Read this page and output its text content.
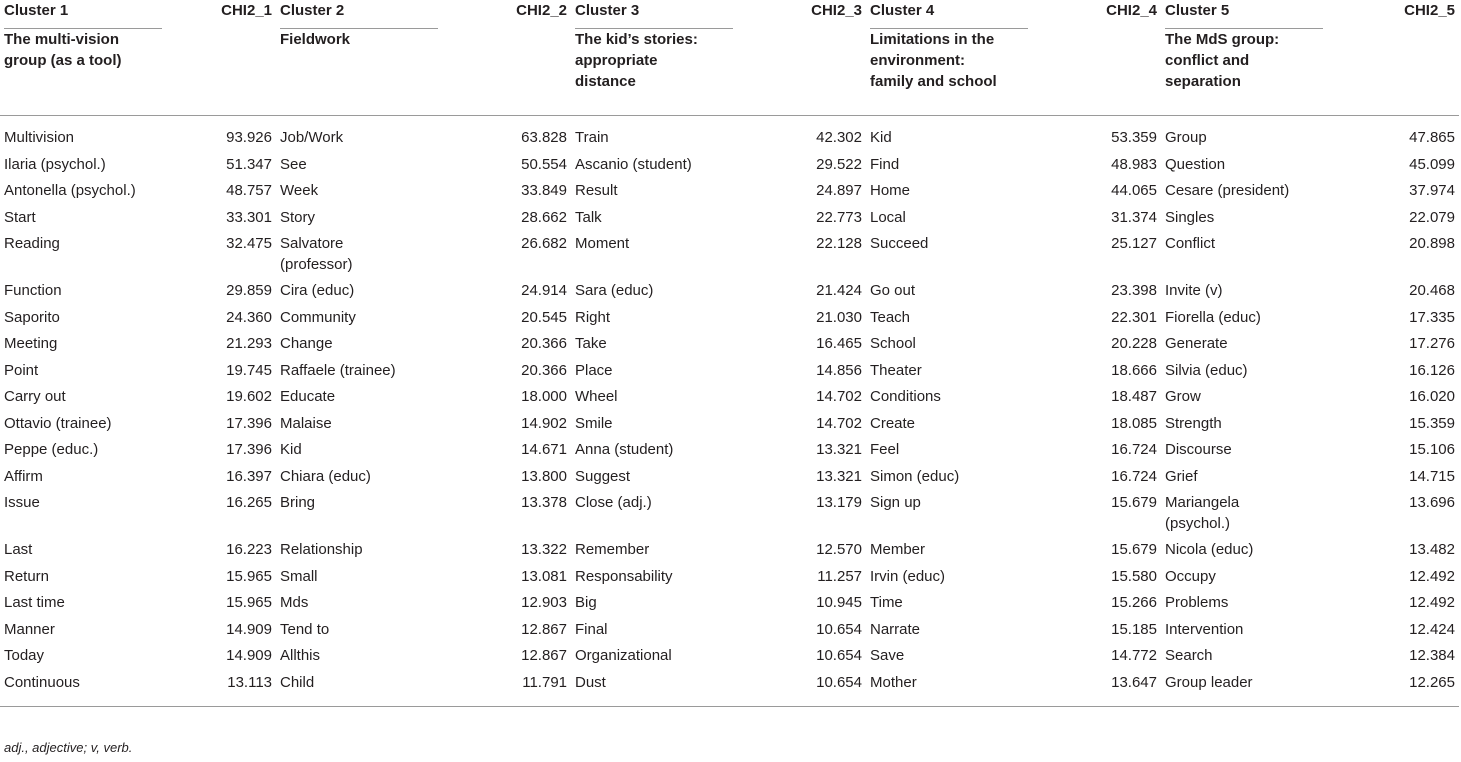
Cluster 1	CHI2_1	Cluster 2	CHI2_2	Cluster 3	CHI2_3	Cluster 4	CHI2_4	Cluster 5	CHI2_5

The multi-vision group (as a tool)		Fieldwork		The kid’s stories: appropriate distance		Limitations in the environment: family and school		The MdS group: conflict and separation	

Multivision	93.926	Job/Work	63.828	Train	42.302	Kid	53.359	Group	47.865
Ilaria (psychol.)	51.347	See	50.554	Ascanio (student)	29.522	Find	48.983	Question	45.099
Antonella (psychol.)	48.757	Week	33.849	Result	24.897	Home	44.065	Cesare (president)	37.974
Start	33.301	Story	28.662	Talk	22.773	Local	31.374	Singles	22.079
Reading	32.475	Salvatore (professor)	26.682	Moment	22.128	Succeed	25.127	Conflict	20.898
Function	29.859	Cira (educ)	24.914	Sara (educ)	21.424	Go out	23.398	Invite (v)	20.468
Saporito	24.360	Community	20.545	Right	21.030	Teach	22.301	Fiorella (educ)	17.335
Meeting	21.293	Change	20.366	Take	16.465	School	20.228	Generate	17.276
Point	19.745	Raffaele (trainee)	20.366	Place	14.856	Theater	18.666	Silvia (educ)	16.126
Carry out	19.602	Educate	18.000	Wheel	14.702	Conditions	18.487	Grow	16.020
Ottavio (trainee)	17.396	Malaise	14.902	Smile	14.702	Create	18.085	Strength	15.359
Peppe (educ.)	17.396	Kid	14.671	Anna (student)	13.321	Feel	16.724	Discourse	15.106
Affirm	16.397	Chiara (educ)	13.800	Suggest	13.321	Simon (educ)	16.724	Grief	14.715
Issue	16.265	Bring	13.378	Close (adj.)	13.179	Sign up	15.679	Mariangela (psychol.)	13.696
Last	16.223	Relationship	13.322	Remember	12.570	Member	15.679	Nicola (educ)	13.482
Return	15.965	Small	13.081	Responsability	11.257	Irvin (educ)	15.580	Occupy	12.492
Last time	15.965	Mds	12.903	Big	10.945	Time	15.266	Problems	12.492
Manner	14.909	Tend to	12.867	Final	10.654	Narrate	15.185	Intervention	12.424
Today	14.909	Allthis	12.867	Organizational	10.654	Save	14.772	Search	12.384
Continuous	13.113	Child	11.791	Dust	10.654	Mother	13.647	Group leader	12.265
adj., adjective; v, verb.
